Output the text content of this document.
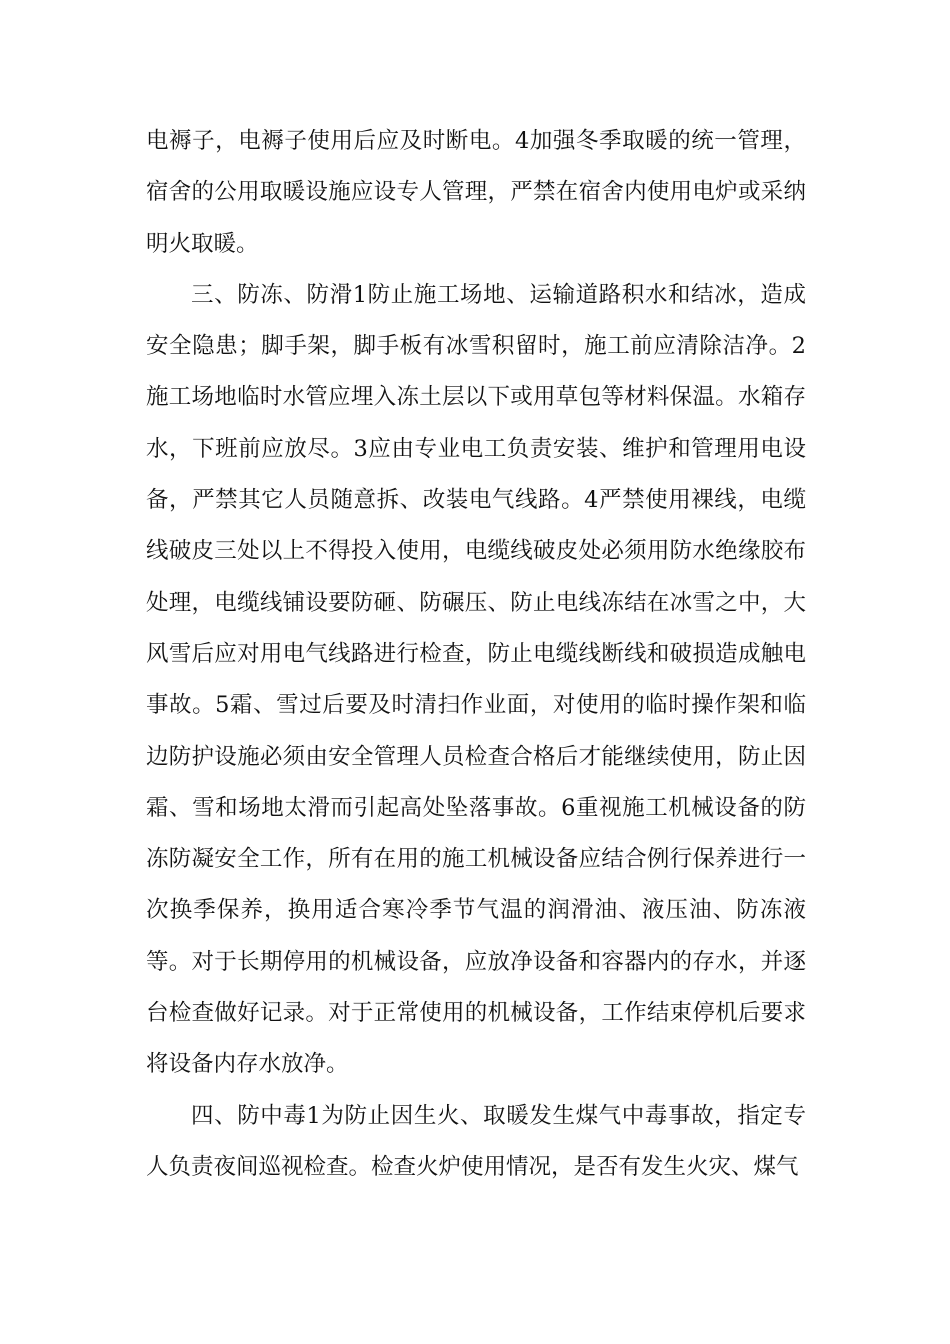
电褥子，电褥子使用后应及时断电。4加强冬季取暖的统一管理，宿舍的公用取暖设施应设专人管理，严禁在宿舍内使用电炉或采纳明火取暖。

三、防冻、防滑1防止施工场地、运输道路积水和结冰，造成安全隐患；脚手架，脚手板有冰雪积留时，施工前应清除洁净。2施工场地临时水管应埋入冻土层以下或用草包等材料保温。水箱存水，下班前应放尽。3应由专业电工负责安装、维护和管理用电设备，严禁其它人员随意拆、改装电气线路。4严禁使用裸线，电缆线破皮三处以上不得投入使用，电缆线破皮处必须用防水绝缘胶布处理，电缆线铺设要防砸、防碾压、防止电线冻结在冰雪之中，大风雪后应对用电气线路进行检查，防止电缆线断线和破损造成触电事故。5霜、雪过后要及时清扫作业面，对使用的临时操作架和临边防护设施必须由安全管理人员检查合格后才能继续使用，防止因霜、雪和场地太滑而引起高处坠落事故。6重视施工机械设备的防冻防凝安全工作，所有在用的施工机械设备应结合例行保养进行一次换季保养，换用适合寒冷季节气温的润滑油、液压油、防冻液等。对于长期停用的机械设备，应放净设备和容器内的存水，并逐台检查做好记录。对于正常使用的机械设备，工作结束停机后要求将设备内存水放净。

四、防中毒1为防止因生火、取暖发生煤气中毒事故，指定专人负责夜间巡视检查。检查火炉使用情况，是否有发生火灾、煤气
